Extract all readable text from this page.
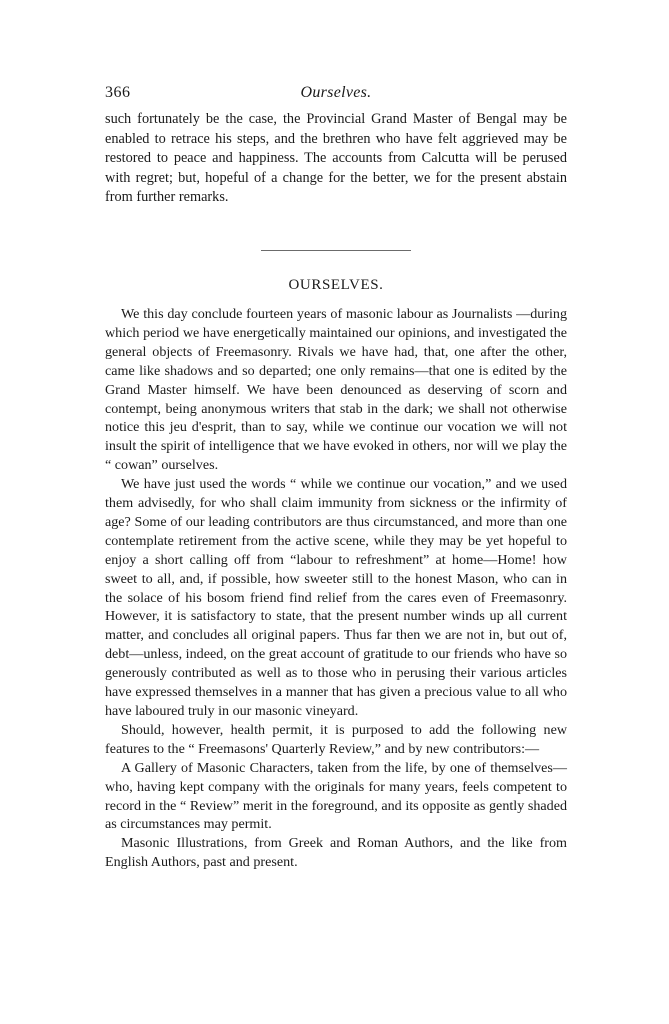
366	Ourselves.

such fortunately be the case, the Provincial Grand Master of Bengal may be enabled to retrace his steps, and the brethren who have felt aggrieved may be restored to peace and happiness. The accounts from Calcutta will be perused with regret; but, hopeful of a change for the better, we for the present abstain from further remarks.

OURSELVES.

We this day conclude fourteen years of masonic labour as Journalists —during which period we have energetically maintained our opinions, and investigated the general objects of Freemasonry. Rivals we have had, that, one after the other, came like shadows and so departed; one only remains—that one is edited by the Grand Master himself. We have been denounced as deserving of scorn and contempt, being anonymous writers that stab in the dark; we shall not otherwise notice this jeu d'esprit, than to say, while we continue our vocation we will not insult the spirit of intelligence that we have evoked in others, nor will we play the “ cowan” ourselves.

We have just used the words “ while we continue our vocation,” and we used them advisedly, for who shall claim immunity from sickness or the infirmity of age? Some of our leading contributors are thus circumstanced, and more than one contemplate retirement from the active scene, while they may be yet hopeful to enjoy a short calling off from “labour to refreshment” at home—Home! how sweet to all, and, if possible, how sweeter still to the honest Mason, who can in the solace of his bosom friend find relief from the cares even of Freemasonry. However, it is satisfactory to state, that the present number winds up all current matter, and concludes all original papers. Thus far then we are not in, but out of, debt—unless, indeed, on the great account of gratitude to our friends who have so generously contributed as well as to those who in perusing their various articles have expressed themselves in a manner that has given a precious value to all who have laboured truly in our masonic vineyard.

Should, however, health permit, it is purposed to add the following new features to the “ Freemasons' Quarterly Review,” and by new contributors:—

A Gallery of Masonic Characters, taken from the life, by one of themselves—who, having kept company with the originals for many years, feels competent to record in the “ Review” merit in the foreground, and its opposite as gently shaded as circumstances may permit.

Masonic Illustrations, from Greek and Roman Authors, and the like from English Authors, past and present.
